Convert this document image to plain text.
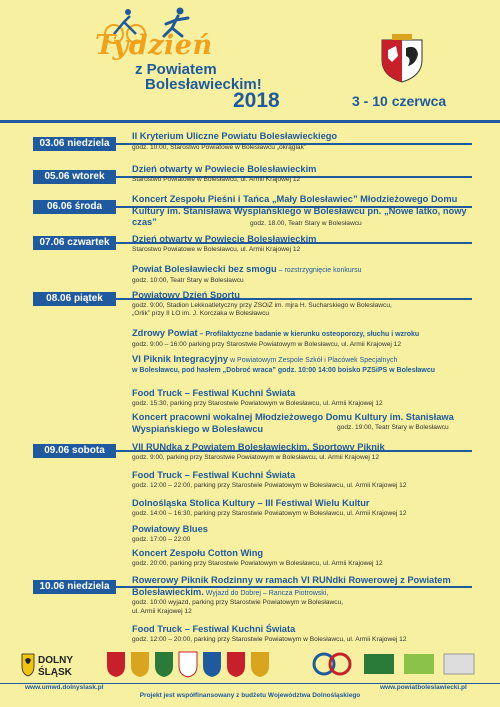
Tydzień
z Powiatem
Bolesławieckim!
2018	3 - 10 czerwca
03.06 niedziela
II Kryterium Uliczne Powiatu Bolesławieckiego
godz. 10:00, Starostwo Powiatowe w Bolesławcu „okrąglak”
05.06 wtorek
Dzień otwarty w Powiecie Bolesławieckim
Starostwo Powiatowe w Bolesławcu, ul. Armii Krajowej 12
06.06 środa
Koncert Zespołu Pieśni i Tańca „Mały Bolesławiec” Młodzieżowego Domu Kultury im. Stanisława Wyspiańskiego w Bolesławcu pn. „Nowe latko, nowy czas”	godz. 18.00, Teatr Stary w Bolesławcu
07.06 czwartek	Dzień otwarty w Powiecie Bolesławieckim
Starostwo Powiatowe w Bolesławcu, ul. Armii Krajowej 12
Powiat Bolesławiecki bez smogu – rozstrzygnięcie konkursu
godz. 10:00, Teatr Stary w Bolesławcu
08.06 piątek	Powiatowy Dzień Sportu
godz. 9:00, Stadion Lekkoatletyczny przy ZSOiZ im. mjra H. Sucharskiego w Bolesławcu,
„Orlik” przy II LO im. J. Korczaka w Bolesławcu
Zdrowy Powiat – Profilaktyczne badanie w kierunku osteoporozy, słuchu i wzroku
godz. 9:00 – 16:00 parking przy Starostwie Powiatowym w Bolesławcu, ul. Armii Krajowej 12
VI Piknik Integracyjny w Powiatowym Zespole Szkół i Placówek Specjalnych
w Bolesławcu, pod hasłem „Dobroć wraca” godz. 10:00 14:00 boisko PZSiPS w Bolesławcu
Food Truck – Festiwal Kuchni Świata
godz. 15:30, parking przy Starostwie Powiatowym w Bolesławcu, ul. Armii Krajowej 12
Koncert pracowni wokalnej Młodzieżowego Domu Kultury im. Stanisława Wyspiańskiego w Bolesławcu	godz. 19:00, Teatr Stary w Bolesławcu
09.06 sobota	VII RUNdka z Powiatem Bolesławieckim, Sportowy Piknik
godz. 9:00, parking przy Starostwie Powiatowym w Bolesławcu, ul. Armii Krajowej 12
Food Truck – Festiwal Kuchni Świata
godz. 12:00 – 22:00, parking przy Starostwie Powiatowym w Bolesławcu, ul. Armii Krajowej 12
Dolnośląska Stolica Kultury – III Festiwal Wielu Kultur
godz. 14:00 – 16:30, parking przy Starostwie Powiatowym w Bolesławcu, ul. Armii Krajowej 12
Powiatowy Blues
godz. 17:00 – 22:00
Koncert Zespołu Cotton Wing
godz. 20:00, parking przy Starostwie Powiatowym w Bolesławcu, ul. Armii Krajowej 12
10.06 niedziela
Rowerowy Piknik Rodzinny w ramach VI RUNdki Rowerowej z Powiatem Bolesławieckim. Wyjazd do Dobrej – Rancza Piotrowski,
godz. 10:00 wyjazd, parking przy Starostwie Powiatowym w Bolesławcu,
ul. Armii Krajowej 12
Food Truck – Festiwal Kuchni Świata
godz. 12:00 – 20:00, parking przy Starostwie Powiatowym w Bolesławcu, ul. Armii Krajowej 12
DOLNY
ŚLĄSK
www.umwd.dolnyslask.pl	www.powiatboleslawiecki.pl
Projekt jest współfinansowany z budżetu Województwa Dolnośląskiego
